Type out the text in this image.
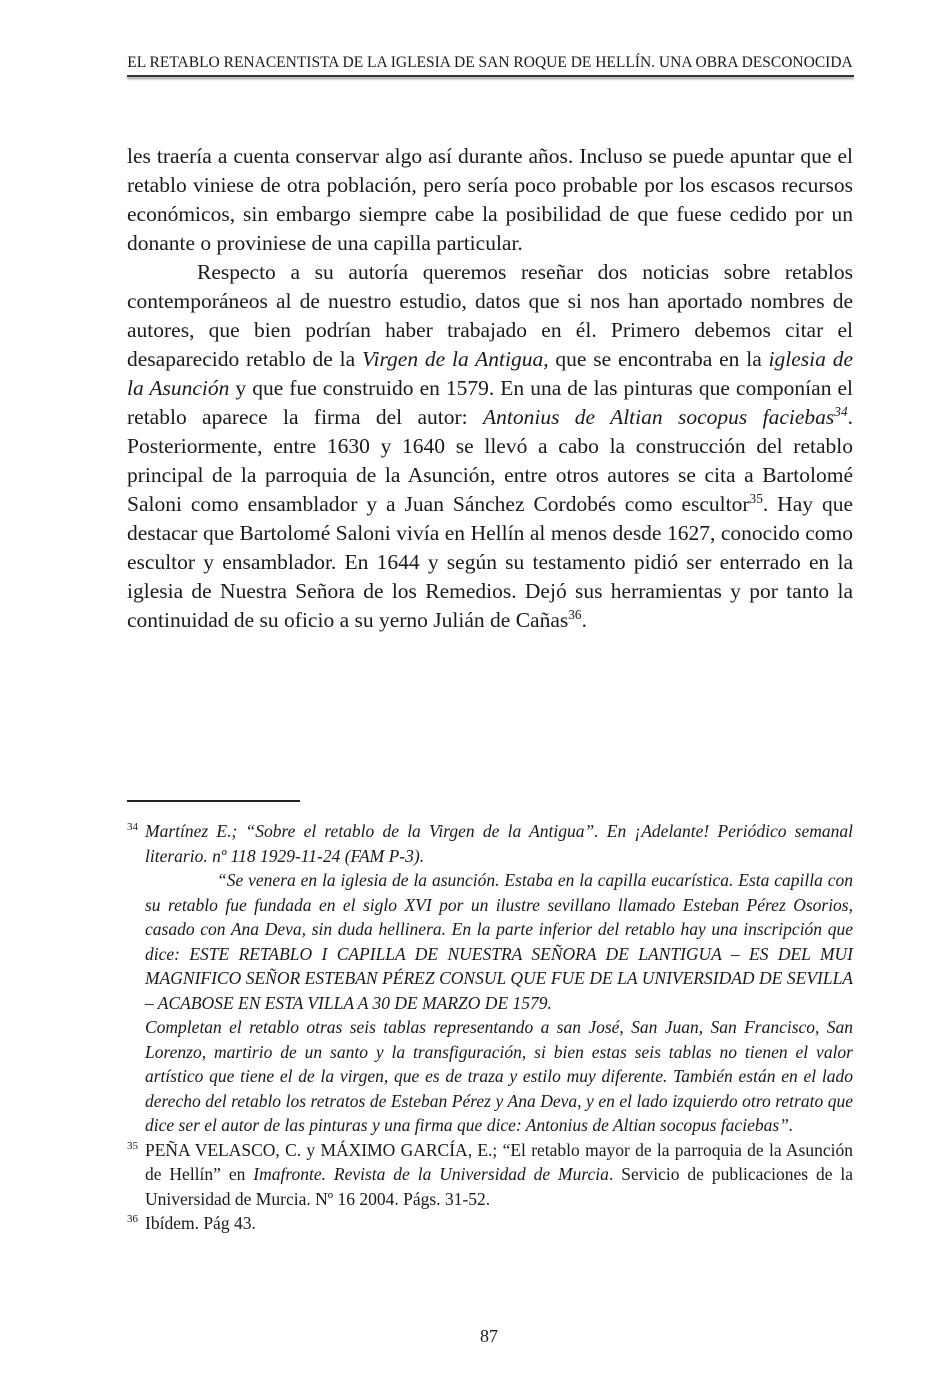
EL RETABLO RENACENTISTA DE LA IGLESIA DE SAN ROQUE DE HELLÍN. UNA OBRA DESCONOCIDA

les traería a cuenta conservar algo así durante años. Incluso se puede apuntar que el retablo viniese de otra población, pero sería poco probable por los escasos recursos económicos, sin embargo siempre cabe la posibilidad de que fuese cedido por un donante o proviniese de una capilla particular.

Respecto a su autoría queremos reseñar dos noticias sobre retablos contemporáneos al de nuestro estudio, datos que si nos han aportado nombres de autores, que bien podrían haber trabajado en él. Primero debemos citar el desaparecido retablo de la Virgen de la Antigua, que se encontraba en la iglesia de la Asunción y que fue construido en 1579. En una de las pinturas que componían el retablo aparece la firma del autor: Antonius de Altian socopus faciebas$^{34}$. Posteriormente, entre 1630 y 1640 se llevó a cabo la construcción del retablo principal de la parroquia de la Asunción, entre otros autores se cita a Bartolomé Saloni como ensamblador y a Juan Sánchez Cordobés como escultor$^{35}$. Hay que destacar que Bartolomé Saloni vivía en Hellín al menos desde 1627, conocido como escultor y ensamblador. En 1644 y según su testamento pidió ser enterrado en la iglesia de Nuestra Señora de los Remedios. Dejó sus herramientas y por tanto la continuidad de su oficio a su yerno Julián de Cañas$^{36}$.

34 Martínez E.; “Sobre el retablo de la Virgen de la Antigua”. En ¡Adelante! Periódico semanal literario. nº 118 1929-11-24 (FAM P-3).

“Se venera en la iglesia de la asunción. Estaba en la capilla eucarística. Esta capilla con su retablo fue fundada en el siglo XVI por un ilustre sevillano llamado Esteban Pérez Osorios, casado con Ana Deva, sin duda hellinera. En la parte inferior del retablo hay una inscripción que dice: ESTE RETABLO I CAPILLA DE NUESTRA SEÑORA DE LANTIGUA – ES DEL MUI MAGNIFICO SEÑOR ESTEBAN PÉREZ CONSUL QUE FUE DE LA UNIVERSIDAD DE SEVILLA – ACABOSE EN ESTA VILLA A 30 DE MARZO DE 1579.

Completan el retablo otras seis tablas representando a san José, San Juan, San Francisco, San Lorenzo, martirio de un santo y la transfiguración, si bien estas seis tablas no tienen el valor artístico que tiene el de la virgen, que es de traza y estilo muy diferente. También están en el lado derecho del retablo los retratos de Esteban Pérez y Ana Deva, y en el lado izquierdo otro retrato que dice ser el autor de las pinturas y una firma que dice: Antonius de Altian socopus faciebas”.

35 PEÑA VELASCO, C. y MÁXIMO GARCÍA, E.; “El retablo mayor de la parroquia de la Asunción de Hellín” en Imafronte. Revista de la Universidad de Murcia. Servicio de publicaciones de la Universidad de Murcia. Nº 16 2004. Págs. 31-52.

36 Ibídem. Pág 43.

87
